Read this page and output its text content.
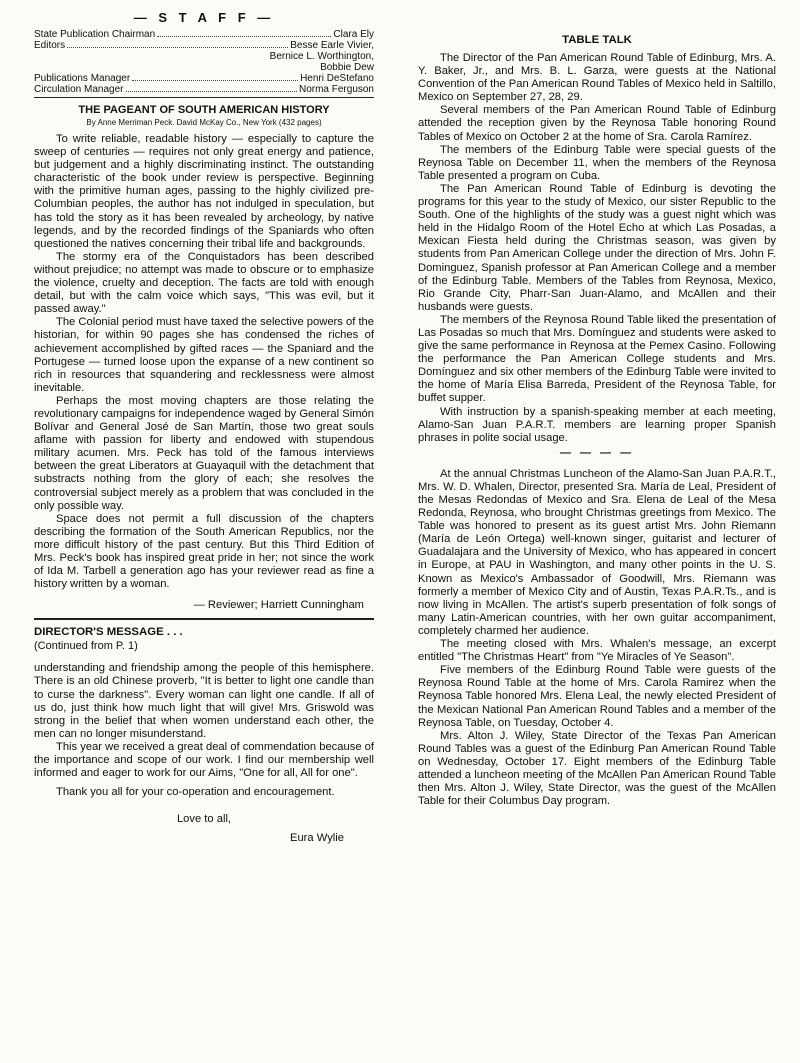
— S T A F F —
State Publication Chairman	Clara Ely
Editors	Besse Earle Vivier,
Bernice L. Worthington,
Bobbie Dew
Publications Manager	Henri DeStefano
Circulation Manager	Norma Ferguson
THE PAGEANT OF SOUTH AMERICAN HISTORY
By Anne Merriman Peck. David McKay Co., New York (432 pages)

To write reliable, readable history — especially to capture the sweep of centuries — requires not only great energy and patience, but judgement and a highly discriminating instinct. The outstanding characteristic of the book under review is perspective. Beginning with the primitive human ages, passing to the highly civilized pre-Columbian peoples, the author has not indulged in speculation, but has told the story as it has been revealed by archeology, by native legends, and by the recorded findings of the Spaniards who often questioned the natives concerning their tribal life and backgrounds.

The stormy era of the Conquistadors has been described without prejudice; no attempt was made to obscure or to emphasize the violence, cruelty and deception. The facts are told with enough detail, but with the calm voice which says, "This was evil, but it passed away."

The Colonial period must have taxed the selective powers of the historian, for within 90 pages she has condensed the riches of achievement accomplished by gifted races — the Spaniard and the Portugese — turned loose upon the expanse of a new continent so rich in resources that squandering and recklessness were almost inevitable.

Perhaps the most moving chapters are those relating the revolutionary campaigns for independence waged by General Simón Bolívar and General José de San Martín, those two great souls aflame with passion for liberty and endowed with stupendous military acumen. Mrs. Peck has told of the famous interviews between the great Liberators at Guayaquil with the detachment that substracts nothing from the glory of each; she resolves the controversial subject merely as a problem that was concluded in the only possible way.

Space does not permit a full discussion of the chapters describing the formation of the South American Republics, nor the more difficult history of the past century. But this Third Edition of Mrs. Peck's book has inspired great pride in her; not since the work of Ida M. Tarbell a generation ago has your reviewer read as fine a history written by a woman.

— Reviewer; Harriett Cunningham
DIRECTOR'S MESSAGE . . .
(Continued from P. 1)

understanding and friendship among the people of this hemisphere. There is an old Chinese proverb, "It is better to light one candle than to curse the darkness". Every woman can light one candle. If all of us do, just think how much light that will give! Mrs. Griswold was strong in the belief that when women understand each other, the men can no longer misunderstand.

This year we received a great deal of commendation because of the importance and scope of our work. I find our membership well informed and eager to work for our Aims, "One for all, All for one".

Thank you all for your co-operation and encouragement.

Love to all,
Eura Wylie
TABLE TALK

The Director of the Pan American Round Table of Edinburg, Mrs. A. Y. Baker, Jr., and Mrs. B. L. Garza, were guests at the National Convention of the Pan American Round Tables of Mexico held in Saltillo, Mexico on September 27, 28, 29.

Several members of the Pan American Round Table of Edinburg attended the reception given by the Reynosa Table honoring Round Tables of Mexico on October 2 at the home of Sra. Carola Ramírez.

The members of the Edinburg Table were special guests of the Reynosa Table on December 11, when the members of the Reynosa Table presented a program on Cuba.

The Pan American Round Table of Edinburg is devoting the programs for this year to the study of Mexico, our sister Republic to the South. One of the highlights of the study was a guest night which was held in the Hidalgo Room of the Hotel Echo at which Las Posadas, a Mexican Fiesta held during the Christmas season, was given by students from Pan American College under the direction of Mrs. John F. Dominguez, Spanish professor at Pan American College and a member of the Edinburg Table. Members of the Tables from Reynosa, Mexico, Rio Grande City, Pharr-San Juan-Alamo, and McAllen and their husbands were guests.

The members of the Reynosa Round Table liked the presentation of Las Posadas so much that Mrs. Domínguez and students were asked to give the same performance in Reynosa at the Pemex Casino. Following the performance the Pan American College students and Mrs. Domínguez and six other members of the Edinburg Table were invited to the home of María Elisa Barreda, President of the Reynosa Table, for buffet supper.

With instruction by a spanish-speaking member at each meeting, Alamo-San Juan P.A.R.T. members are learning proper Spanish phrases in polite social usage.

— — — —

At the annual Christmas Luncheon of the Alamo-San Juan P.A.R.T., Mrs. W. D. Whalen, Director, presented Sra. María de Leal, President of the Mesas Redondas of Mexico and Sra. Elena de Leal of the Mesa Redonda, Reynosa, who brought Christmas greetings from Mexico. The Table was honored to present as its guest artist Mrs. John Riemann (María de León Ortega) well-known singer, guitarist and lecturer of Guadalajara and the University of Mexico, who has appeared in concert in Europe, at PAU in Washington, and many other points in the U. S. Known as Mexico's Ambassador of Goodwill, Mrs. Riemann was formerly a member of Mexico City and of Austin, Texas P.A.R.Ts., and is now living in McAllen. The artist's superb presentation of folk songs of many Latin-American countries, with her own guitar accompaniment, completely charmed her audience.

The meeting closed with Mrs. Whalen's message, an excerpt entitled "The Christmas Heart" from "Ye Miracles of Ye Season".

Five members of the Edinburg Round Table were guests of the Reynosa Round Table at the home of Mrs. Carola Ramirez when the Reynosa Table honored Mrs. Elena Leal, the newly elected President of the Mexican National Pan American Round Tables and a member of the Reynosa Table, on Tuesday, October 4.

Mrs. Alton J. Wiley, State Director of the Texas Pan American Round Tables was a guest of the Edinburg Pan American Round Table on Wednesday, October 17. Eight members of the Edinburg Table attended a luncheon meeting of the McAllen Pan American Round Table then Mrs. Alton J. Wiley, State Director, was the guest of the McAllen Table for their Columbus Day program.
